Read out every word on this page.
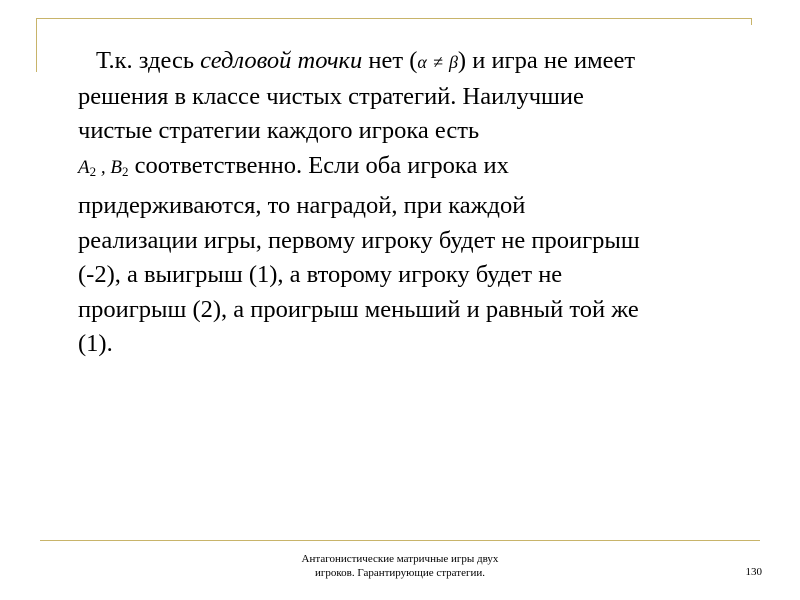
Т.к. здесь седловой точки нет (α ≠ β) и игра не имеет
решения в классе чистых стратегий. Наилучшие
чистые стратегии каждого игрока есть
$A_2$ , $B_2$ соответственно. Если оба игрока их
придерживаются, то наградой, при каждой
реализации игры, первому игроку будет не проигрыш
(-2), а выигрыш (1), а второму игроку будет не
проигрыш (2), а проигрыш меньший и равный той же
(1).
Антагонистические матричные игры двух
игроков. Гарантирующие стратегии.	130
